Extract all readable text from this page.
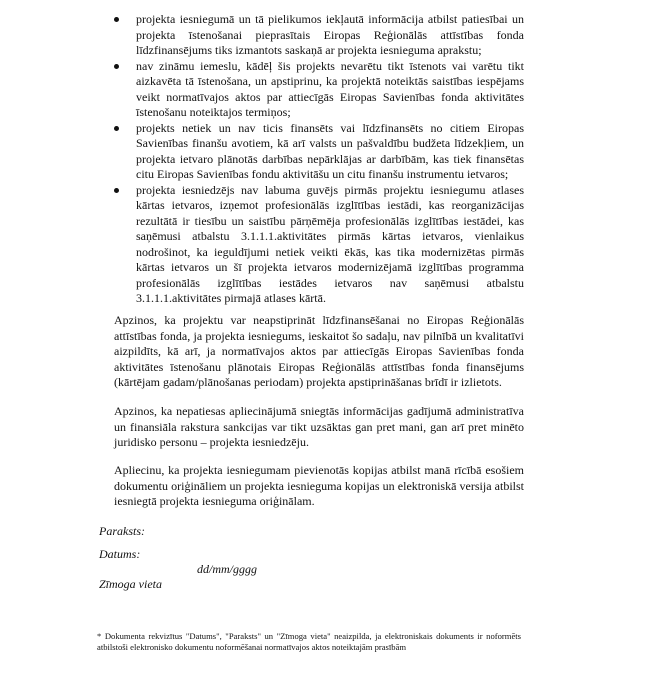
projekta iesniegumā un tā pielikumos iekļautā informācija atbilst patiesībai un projekta īstenošanai pieprasītais Eiropas Reģionālās attīstības fonda līdzfinansējums tiks izmantots saskaņā ar projekta iesnieguma aprakstu;
nav zināmu iemeslu, kādēļ šis projekts nevarētu tikt īstenots vai varētu tikt aizkavēta tā īstenošana, un apstiprinu, ka projektā noteiktās saistības iespējams veikt normatīvajos aktos par attiecīgās Eiropas Savienības fonda aktivitātes īstenošanu noteiktajos termiņos;
projekts netiek un nav ticis finansēts vai līdzfinansēts no citiem Eiropas Savienības finanšu avotiem, kā arī valsts un pašvaldību budžeta līdzekļiem, un projekta ietvaro plānotās darbības nepārklājas ar darbībām, kas tiek finansētas citu Eiropas Savienības fondu aktivitāšu un citu finanšu instrumentu ietvaros;
projekta iesniedzējs nav labuma guvējs pirmās projektu iesniegumu atlases kārtas ietvaros, izņemot profesionālās izglītības iestādi, kas reorganizācijas rezultātā ir tiesību un saistību pārņēmēja profesionālās izglītības iestādei, kas saņēmusi atbalstu 3.1.1.1.aktivitātes pirmās kārtas ietvaros, vienlaikus nodrošinot, ka ieguldījumi netiek veikti ēkās, kas tika modernizētas pirmās kārtas ietvaros un šī projekta ietvaros modernizējamā izglītības programma profesionālās izglītības iestādes ietvaros nav saņēmusi atbalstu 3.1.1.1.aktivitātes pirmajā atlases kārtā.

Apzinos, ka projektu var neapstiprināt līdzfinansēšanai no Eiropas Reģionālās attīstības fonda, ja projekta iesniegums, ieskaitot šo sadaļu, nav pilnībā un kvalitatīvi aizpildīts, kā arī, ja normatīvajos aktos par attiecīgās Eiropas Savienības fonda aktivitātes īstenošanu plānotais Eiropas Reģionālās attīstības fonda finansējums (kārtējam gadam/plānošanas periodam) projekta apstiprināšanas brīdī ir izlietots.

Apzinos, ka nepatiesas apliecinājumā sniegtās informācijas gadījumā administratīva un finansiāla rakstura sankcijas var tikt uzsāktas gan pret mani, gan arī pret minēto juridisko personu – projekta iesniedzēju.

Apliecinu, ka projekta iesniegumam pievienotās kopijas atbilst manā rīcībā esošiem dokumentu oriģināliem un projekta iesnieguma kopijas un elektroniskā versija atbilst iesniegtā projekta iesnieguma oriģinālam.

Paraksts:

Datums:

dd/mm/gggg

Zīmoga vieta

* Dokumenta rekvizītus "Datums", "Paraksts" un "Zīmoga vieta" neaizpilda, ja elektroniskais dokuments ir noformēts atbilstoši elektronisko dokumentu noformēšanai normatīvajos aktos noteiktajām prasībām
